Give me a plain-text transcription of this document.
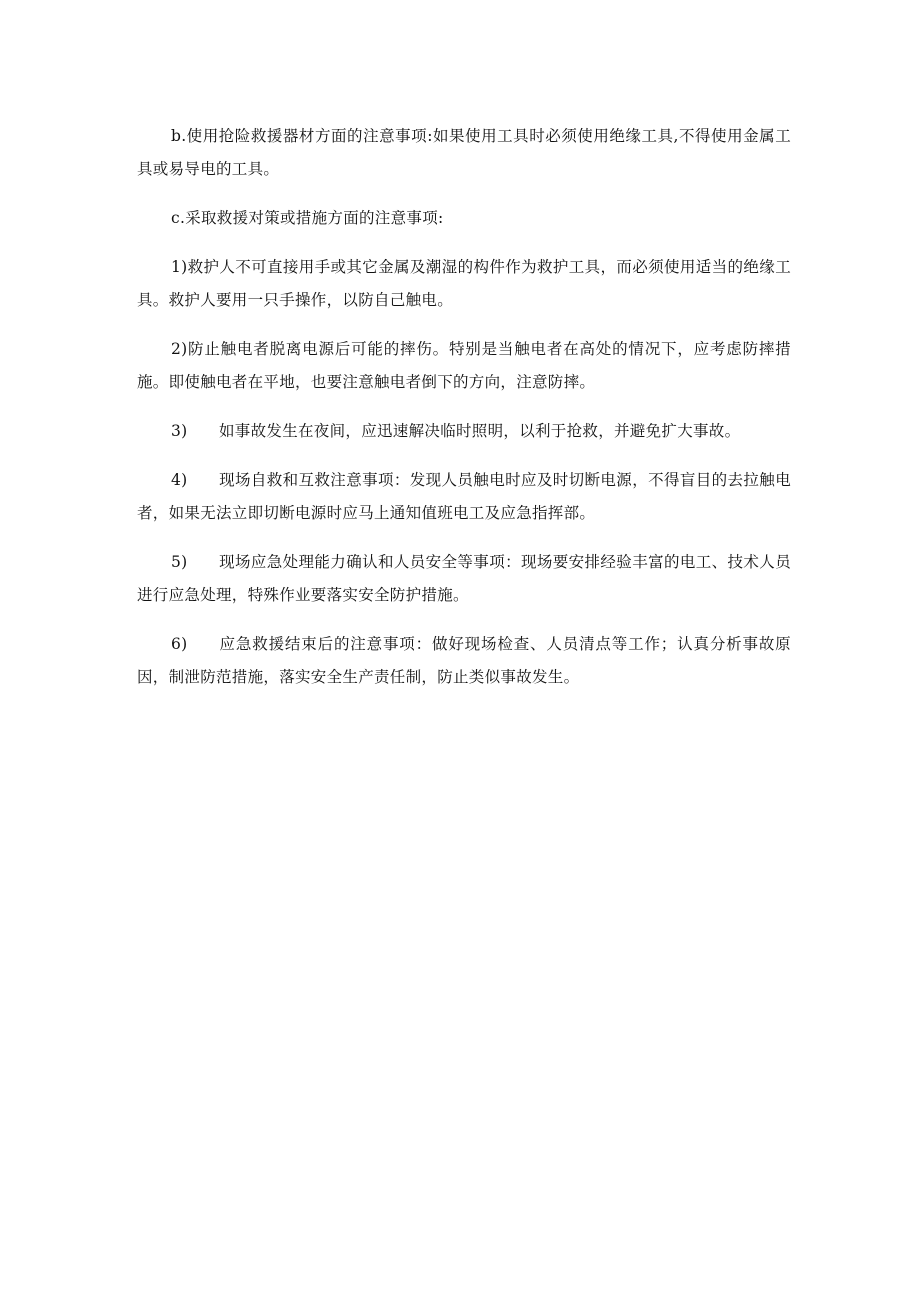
b.使用抢险救援器材方面的注意事项:如果使用工具时必须使用绝缘工具,不得使用金属工具或易导电的工具。

c.采取救援对策或措施方面的注意事项:

1)救护人不可直接用手或其它金属及潮湿的构件作为救护工具，而必须使用适当的绝缘工具。救护人要用一只手操作，以防自己触电。

2)防止触电者脱离电源后可能的摔伤。特别是当触电者在高处的情况下，应考虑防摔措施。即使触电者在平地，也要注意触电者倒下的方向，注意防摔。

3) 如事故发生在夜间，应迅速解决临时照明，以利于抢救，并避免扩大事故。

4) 现场自救和互救注意事项：发现人员触电时应及时切断电源，不得盲目的去拉触电者，如果无法立即切断电源时应马上通知值班电工及应急指挥部。

5) 现场应急处理能力确认和人员安全等事项：现场要安排经验丰富的电工、技术人员进行应急处理，特殊作业要落实安全防护措施。

6) 应急救援结束后的注意事项：做好现场检查、人员清点等工作；认真分析事故原因，制泄防范措施，落实安全生产责任制，防止类似事故发生。
